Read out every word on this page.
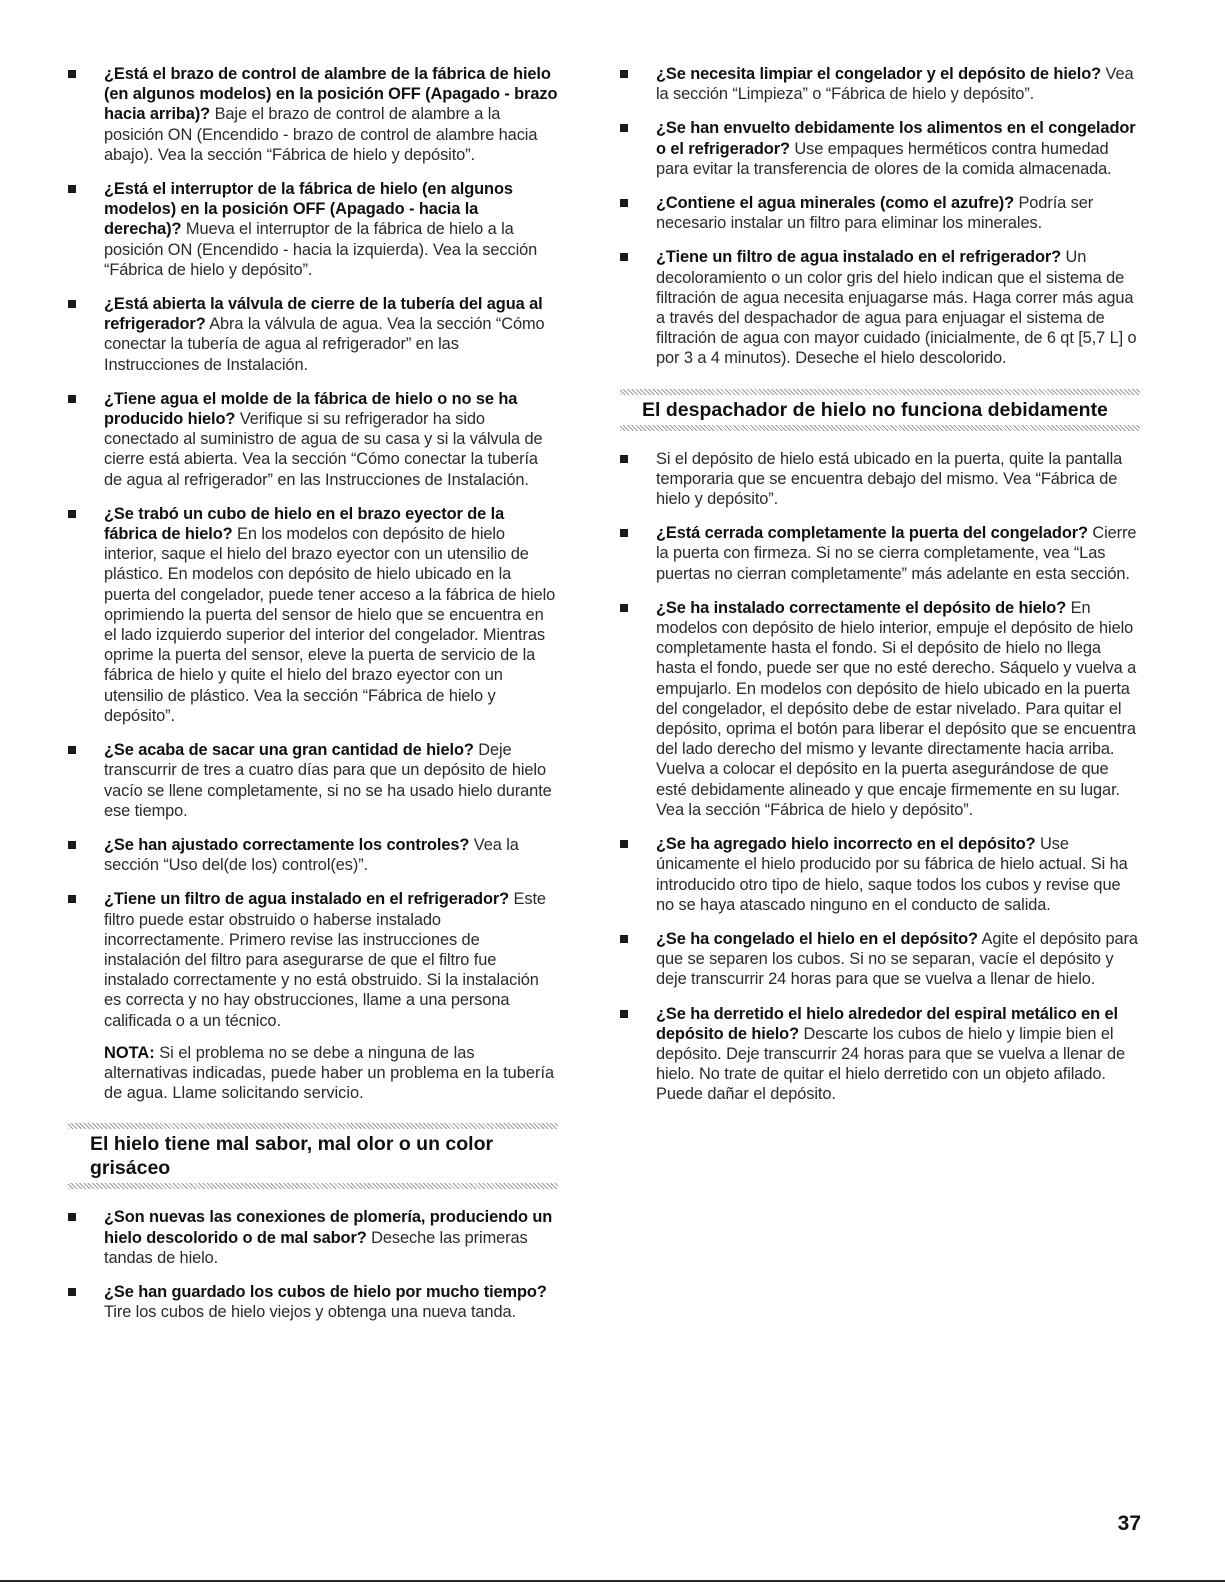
¿Está el brazo de control de alambre de la fábrica de hielo (en algunos modelos) en la posición OFF (Apagado - brazo hacia arriba)? Baje el brazo de control de alambre a la posición ON (Encendido - brazo de control de alambre hacia abajo). Vea la sección “Fábrica de hielo y depósito”.
¿Está el interruptor de la fábrica de hielo (en algunos modelos) en la posición OFF (Apagado - hacia la derecha)? Mueva el interruptor de la fábrica de hielo a la posición ON (Encendido - hacia la izquierda). Vea la sección “Fábrica de hielo y depósito”.
¿Está abierta la válvula de cierre de la tubería del agua al refrigerador? Abra la válvula de agua. Vea la sección “Cómo conectar la tubería de agua al refrigerador” en las Instrucciones de Instalación.
¿Tiene agua el molde de la fábrica de hielo o no se ha producido hielo? Verifique si su refrigerador ha sido conectado al suministro de agua de su casa y si la válvula de cierre está abierta. Vea la sección “Cómo conectar la tubería de agua al refrigerador” en las Instrucciones de Instalación.
¿Se trabó un cubo de hielo en el brazo eyector de la fábrica de hielo? En los modelos con depósito de hielo interior, saque el hielo del brazo eyector con un utensilio de plástico. En modelos con depósito de hielo ubicado en la puerta del congelador, puede tener acceso a la fábrica de hielo oprimiendo la puerta del sensor de hielo que se encuentra en el lado izquierdo superior del interior del congelador. Mientras oprime la puerta del sensor, eleve la puerta de servicio de la fábrica de hielo y quite el hielo del brazo eyector con un utensilio de plástico. Vea la sección “Fábrica de hielo y depósito”.
¿Se acaba de sacar una gran cantidad de hielo? Deje transcurrir de tres a cuatro días para que un depósito de hielo vacío se llene completamente, si no se ha usado hielo durante ese tiempo.
¿Se han ajustado correctamente los controles? Vea la sección “Uso del(de los) control(es)”.
¿Tiene un filtro de agua instalado en el refrigerador? Este filtro puede estar obstruido o haberse instalado incorrectamente. Primero revise las instrucciones de instalación del filtro para asegurarse de que el filtro fue instalado correctamente y no está obstruido. Si la instalación es correcta y no hay obstrucciones, llame a una persona calificada o a un técnico.

NOTA: Si el problema no se debe a ninguna de las alternativas indicadas, puede haber un problema en la tubería de agua. Llame solicitando servicio.

El hielo tiene mal sabor, mal olor o un color grisáceo
¿Son nuevas las conexiones de plomería, produciendo un hielo descolorido o de mal sabor? Deseche las primeras tandas de hielo.
¿Se han guardado los cubos de hielo por mucho tiempo? Tire los cubos de hielo viejos y obtenga una nueva tanda.
¿Se necesita limpiar el congelador y el depósito de hielo? Vea la sección “Limpieza” o “Fábrica de hielo y depósito”.
¿Se han envuelto debidamente los alimentos en el congelador o el refrigerador? Use empaques herméticos contra humedad para evitar la transferencia de olores de la comida almacenada.
¿Contiene el agua minerales (como el azufre)? Podría ser necesario instalar un filtro para eliminar los minerales.
¿Tiene un filtro de agua instalado en el refrigerador? Un decoloramiento o un color gris del hielo indican que el sistema de filtración de agua necesita enjuagarse más. Haga correr más agua a través del despachador de agua para enjuagar el sistema de filtración de agua con mayor cuidado (inicialmente, de 6 qt [5,7 L] o por 3 a 4 minutos). Deseche el hielo descolorido.
El despachador de hielo no funciona debidamente
Si el depósito de hielo está ubicado en la puerta, quite la pantalla temporaria que se encuentra debajo del mismo. Vea “Fábrica de hielo y depósito”.
¿Está cerrada completamente la puerta del congelador? Cierre la puerta con firmeza. Si no se cierra completamente, vea “Las puertas no cierran completamente” más adelante en esta sección.
¿Se ha instalado correctamente el depósito de hielo? En modelos con depósito de hielo interior, empuje el depósito de hielo completamente hasta el fondo. Si el depósito de hielo no llega hasta el fondo, puede ser que no esté derecho. Sáquelo y vuelva a empujarlo. En modelos con depósito de hielo ubicado en la puerta del congelador, el depósito debe de estar nivelado. Para quitar el depósito, oprima el botón para liberar el depósito que se encuentra del lado derecho del mismo y levante directamente hacia arriba. Vuelva a colocar el depósito en la puerta asegurándose de que esté debidamente alineado y que encaje firmemente en su lugar. Vea la sección “Fábrica de hielo y depósito”.
¿Se ha agregado hielo incorrecto en el depósito? Use únicamente el hielo producido por su fábrica de hielo actual. Si ha introducido otro tipo de hielo, saque todos los cubos y revise que no se haya atascado ninguno en el conducto de salida.
¿Se ha congelado el hielo en el depósito? Agite el depósito para que se separen los cubos. Si no se separan, vacíe el depósito y deje transcurrir 24 horas para que se vuelva a llenar de hielo.
¿Se ha derretido el hielo alrededor del espiral metálico en el depósito de hielo? Descarte los cubos de hielo y limpie bien el depósito. Deje transcurrir 24 horas para que se vuelva a llenar de hielo. No trate de quitar el hielo derretido con un objeto afilado. Puede dañar el depósito.
37
